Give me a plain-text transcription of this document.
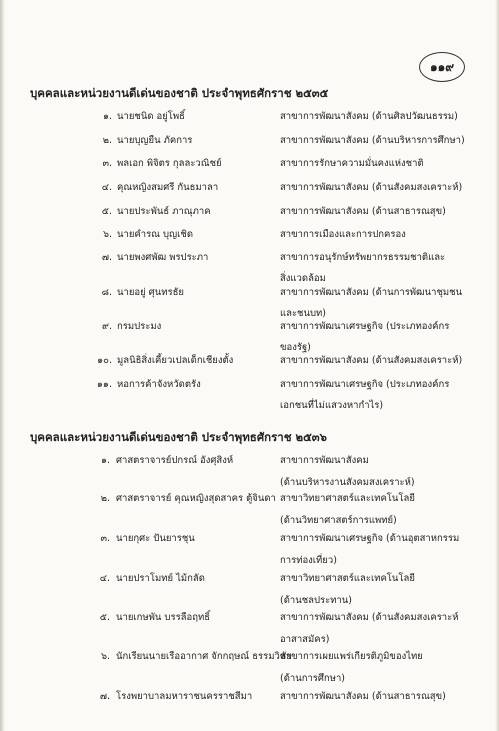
๑๑๙
บุคคลและหน่วยงานดีเด่นของชาติ ประจำพุทธศักราช ๒๕๓๕
๑. นายชนิด อยู่โพธิ์	สาขาการพัฒนาสังคม (ด้านศิลปวัฒนธรรม)
๒. นายบุญยืน ภัคการ	สาขาการพัฒนาสังคม (ด้านบริหารการศึกษา)
๓. พลเอก พิจิตร กุลละวณิชย์	สาขาการรักษาความมั่นคงแห่งชาติ
๔. คุณหญิงสมศรี กันธมาลา	สาขาการพัฒนาสังคม (ด้านสังคมสงเคราะห์)
๕. นายประพันธ์ ภาณุภาค	สาขาการพัฒนาสังคม (ด้านสาธารณสุข)
๖. นายคำรณ บุญเชิด	สาขาการเมืองและการปกครอง
๗. นายพงศพัฒ พรประภา	สาขาการอนุรักษ์ทรัพยากรธรรมชาติและ
สิ่งแวดล้อม
๘. นายอยู่ ศุนทรธัย	สาขาการพัฒนาสังคม (ด้านการพัฒนาชุมชน
และชนบท)
๙. กรมประมง	สาขาการพัฒนาเศรษฐกิจ (ประเภทองค์กร
ของรัฐ)
๑๐. มูลนิธิสิ่งเคี้ยวเปลเด็กเชียงตั้ง	สาขาการพัฒนาสังคม (ด้านสังคมสงเคราะห์)
๑๑. หอการค้าจังหวัดตรัง	สาขาการพัฒนาเศรษฐกิจ (ประเภทองค์กร
เอกชนที่ไม่แสวงหากำไร)
บุคคลและหน่วยงานดีเด่นของชาติ ประจำพุทธศักราช ๒๕๓๖
๑. ศาสตราจารย์ปกรณ์ อังศุสิงห์	สาขาการพัฒนาสังคม
(ด้านบริหารงานสังคมสงเคราะห์)
๒. ศาสตราจารย์ คุณหญิงสุดสาคร ตู้จินดา สาขาวิทยาศาสตร์และเทคโนโลยี
(ด้านวิทยาศาสตร์การแพทย์)
๓. นายกุศะ ปันยารชุน	สาขาการพัฒนาเศรษฐกิจ (ด้านอุตสาหกรรม
การท่องเที่ยว)
๔. นายปราโมทย์ ไม้กลัด	สาขาวิทยาศาสตร์และเทคโนโลยี
(ด้านชลประทาน)
๕. นายเกษพัน บรรลือฤทธิ์	สาขาการพัฒนาสังคม (ด้านสังคมสงเคราะห์
อาสาสมัคร)
๖. นักเรียนนายเรืออากาศ จักกฤษณ์ ธรรมวิชัย
สาขาการเผยแพร่เกียรติภูมิของไทย
(ด้านการศึกษา)
๗. โรงพยาบาลมหาราชนครราชสีมา	สาขาการพัฒนาสังคม (ด้านสาธารณสุข)
